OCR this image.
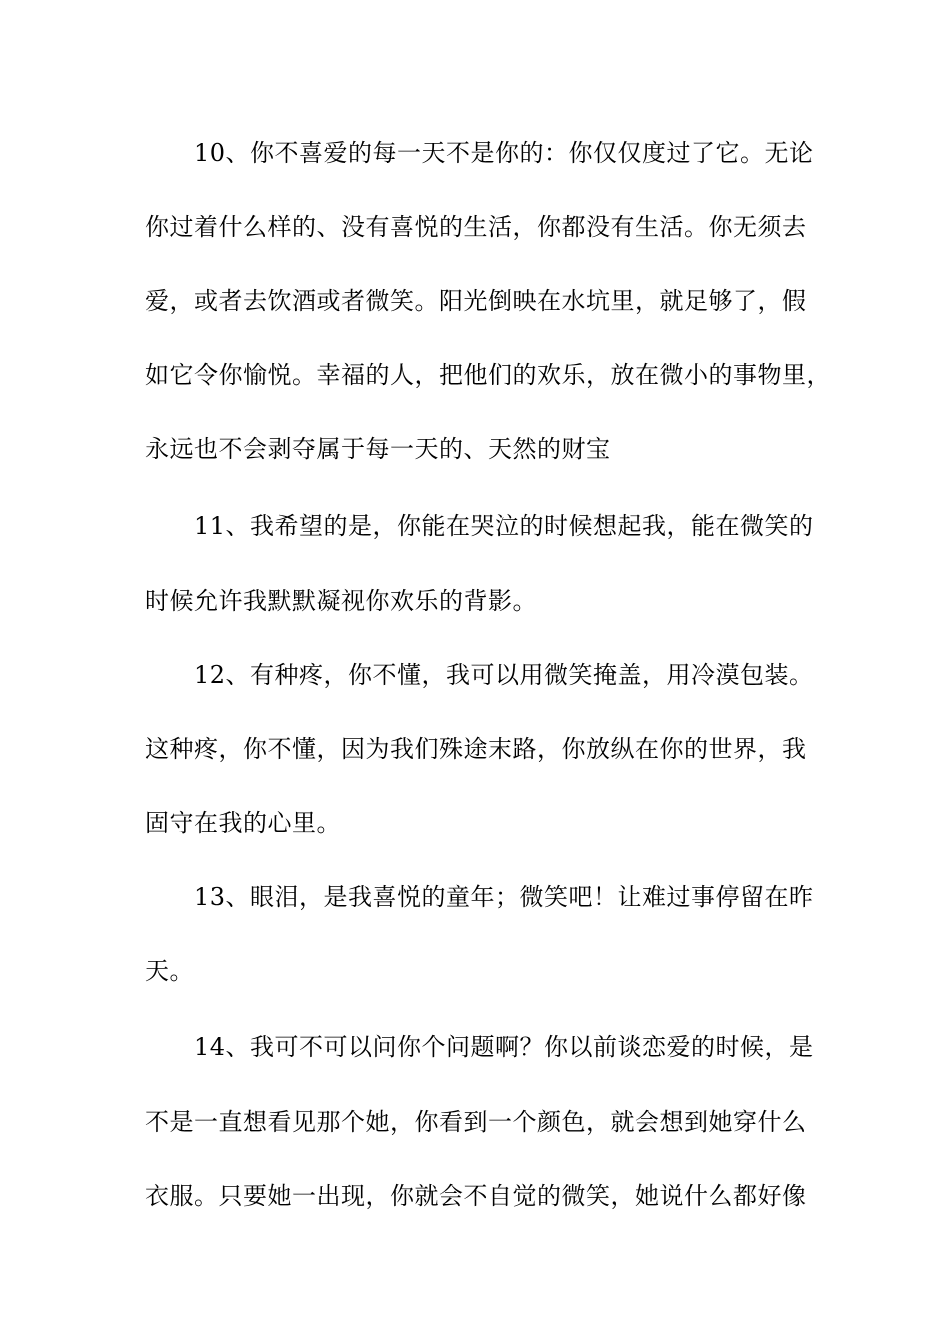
10、你不喜爱的每一天不是你的：你仅仅度过了它。无论
你过着什么样的、没有喜悦的生活，你都没有生活。你无须去
爱，或者去饮酒或者微笑。阳光倒映在水坑里，就足够了，假
如它令你愉悦。幸福的人，把他们的欢乐，放在微小的事物里，
永远也不会剥夺属于每一天的、天然的财宝
11、我希望的是，你能在哭泣的时候想起我，能在微笑的
时候允许我默默凝视你欢乐的背影。
12、有种疼，你不懂，我可以用微笑掩盖，用冷漠包装。
这种疼，你不懂，因为我们殊途末路，你放纵在你的世界，我
固守在我的心里。
13、眼泪，是我喜悦的童年；微笑吧！让难过事停留在昨
天。
14、我可不可以问你个问题啊？你以前谈恋爱的时候，是
不是一直想看见那个她，你看到一个颜色，就会想到她穿什么
衣服。只要她一出现，你就会不自觉的微笑，她说什么都好像
